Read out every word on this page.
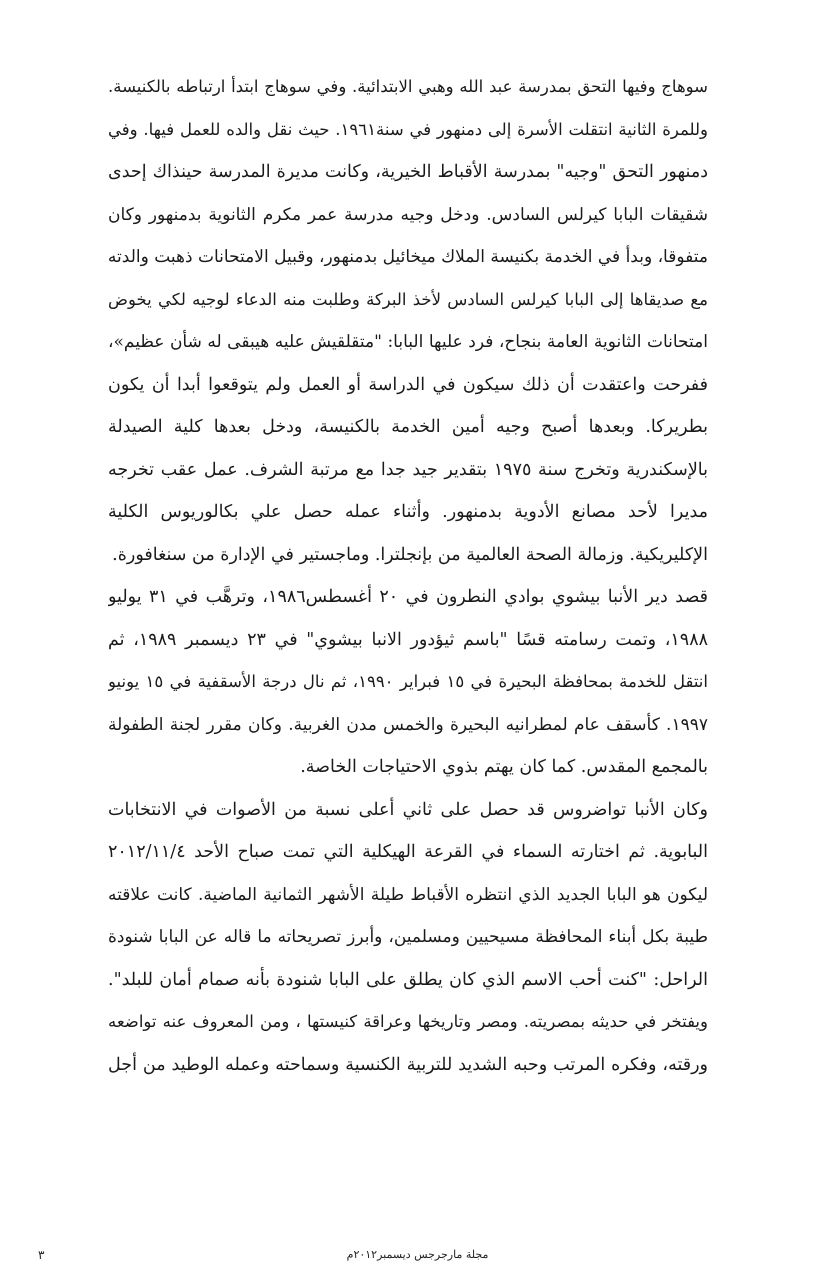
سوهاج وفيها التحق بمدرسة عبد الله وهبي الابتدائية. وفي سوهاج ابتدأ ارتباطه بالكنيسة.
وللمرة الثانية انتقلت الأسرة إلى دمنهور في سنة١٩٦١. حيث نقل والده للعمل فيها. وفي
دمنهور التحق "وجيه" بمدرسة الأقباط الخيرية، وكانت مديرة المدرسة حينذاك إحدى
شقيقات البابا كيرلس السادس. ودخل وجيه مدرسة عمر مكرم الثانوية بدمنهور وكان
متفوقا، وبدأ في الخدمة بكنيسة الملاك ميخائيل بدمنهور، وقبيل الامتحانات ذهبت والدته
مع صديقاها إلى البابا كيرلس السادس لأخذ البركة وطلبت منه الدعاء لوجيه لكي يخوض
امتحانات الثانوية العامة بنجاح، فرد عليها البابا: "متقلقيش عليه هيبقى له شأن عظيم»،
ففرحت واعتقدت أن ذلك سيكون في الدراسة أو العمل ولم يتوقعوا أبدا أن يكون
بطريركا. وبعدها أصبح وجيه أمين الخدمة بالكنيسة، ودخل بعدها كلية الصيدلة
بالإسكندرية وتخرج سنة ١٩٧٥ بتقدير جيد جدا مع مرتبة الشرف. عمل عقب تخرجه
مديرا لأحد مصانع الأدوية بدمنهور. وأثناء عمله حصل علي بكالوريوس الكلية
الإكليريكية. وزمالة الصحة العالمية من بإنجلترا. وماجستير في الإدارة من سنغافورة.
قصد دير الأنبا بيشوي بوادي النطرون في ٢٠ أغسطس١٩٨٦، وترهَّب في ٣١ يوليو
١٩٨٨، وتمت رسامته قسًا "باسم ثيؤدور الانبا بيشوي" في ٢٣ ديسمبر ١٩٨٩، ثم
انتقل للخدمة بمحافظة البحيرة في ١٥ فبراير ١٩٩٠، ثم نال درجة الأسقفية في ١٥ يونيو
١٩٩٧. كأسقف عام لمطرانيه البحيرة والخمس مدن الغربية. وكان مقرر لجنة الطفولة
بالمجمع المقدس. كما كان يهتم بذوي الاحتياجات الخاصة.
وكان الأنبا تواضروس قد حصل على ثاني أعلى نسبة من الأصوات في الانتخابات
البابوية. ثم اختارته السماء في القرعة الهيكلية التي تمت صباح الأحد ٢٠١٢/١١/٤
ليكون هو البابا الجديد الذي انتظره الأقباط طيلة الأشهر الثمانية الماضية. كانت علاقته
طيبة بكل أبناء المحافظة مسيحيين ومسلمين، وأبرز تصريحاته ما قاله عن البابا شنودة
الراحل: "كنت أحب الاسم الذي كان يطلق على البابا شنودة بأنه صمام أمان للبلد".
ويفتخر في حديثه بمصريته. ومصر وتاريخها وعراقة كنيستها ، ومن المعروف عنه تواضعه
ورقته، وفكره المرتب وحبه الشديد للتربية الكنسية وسماحته وعمله الوطيد من أجل
مجلة مارجرجس ديسمبر٢٠١٢م
٣
